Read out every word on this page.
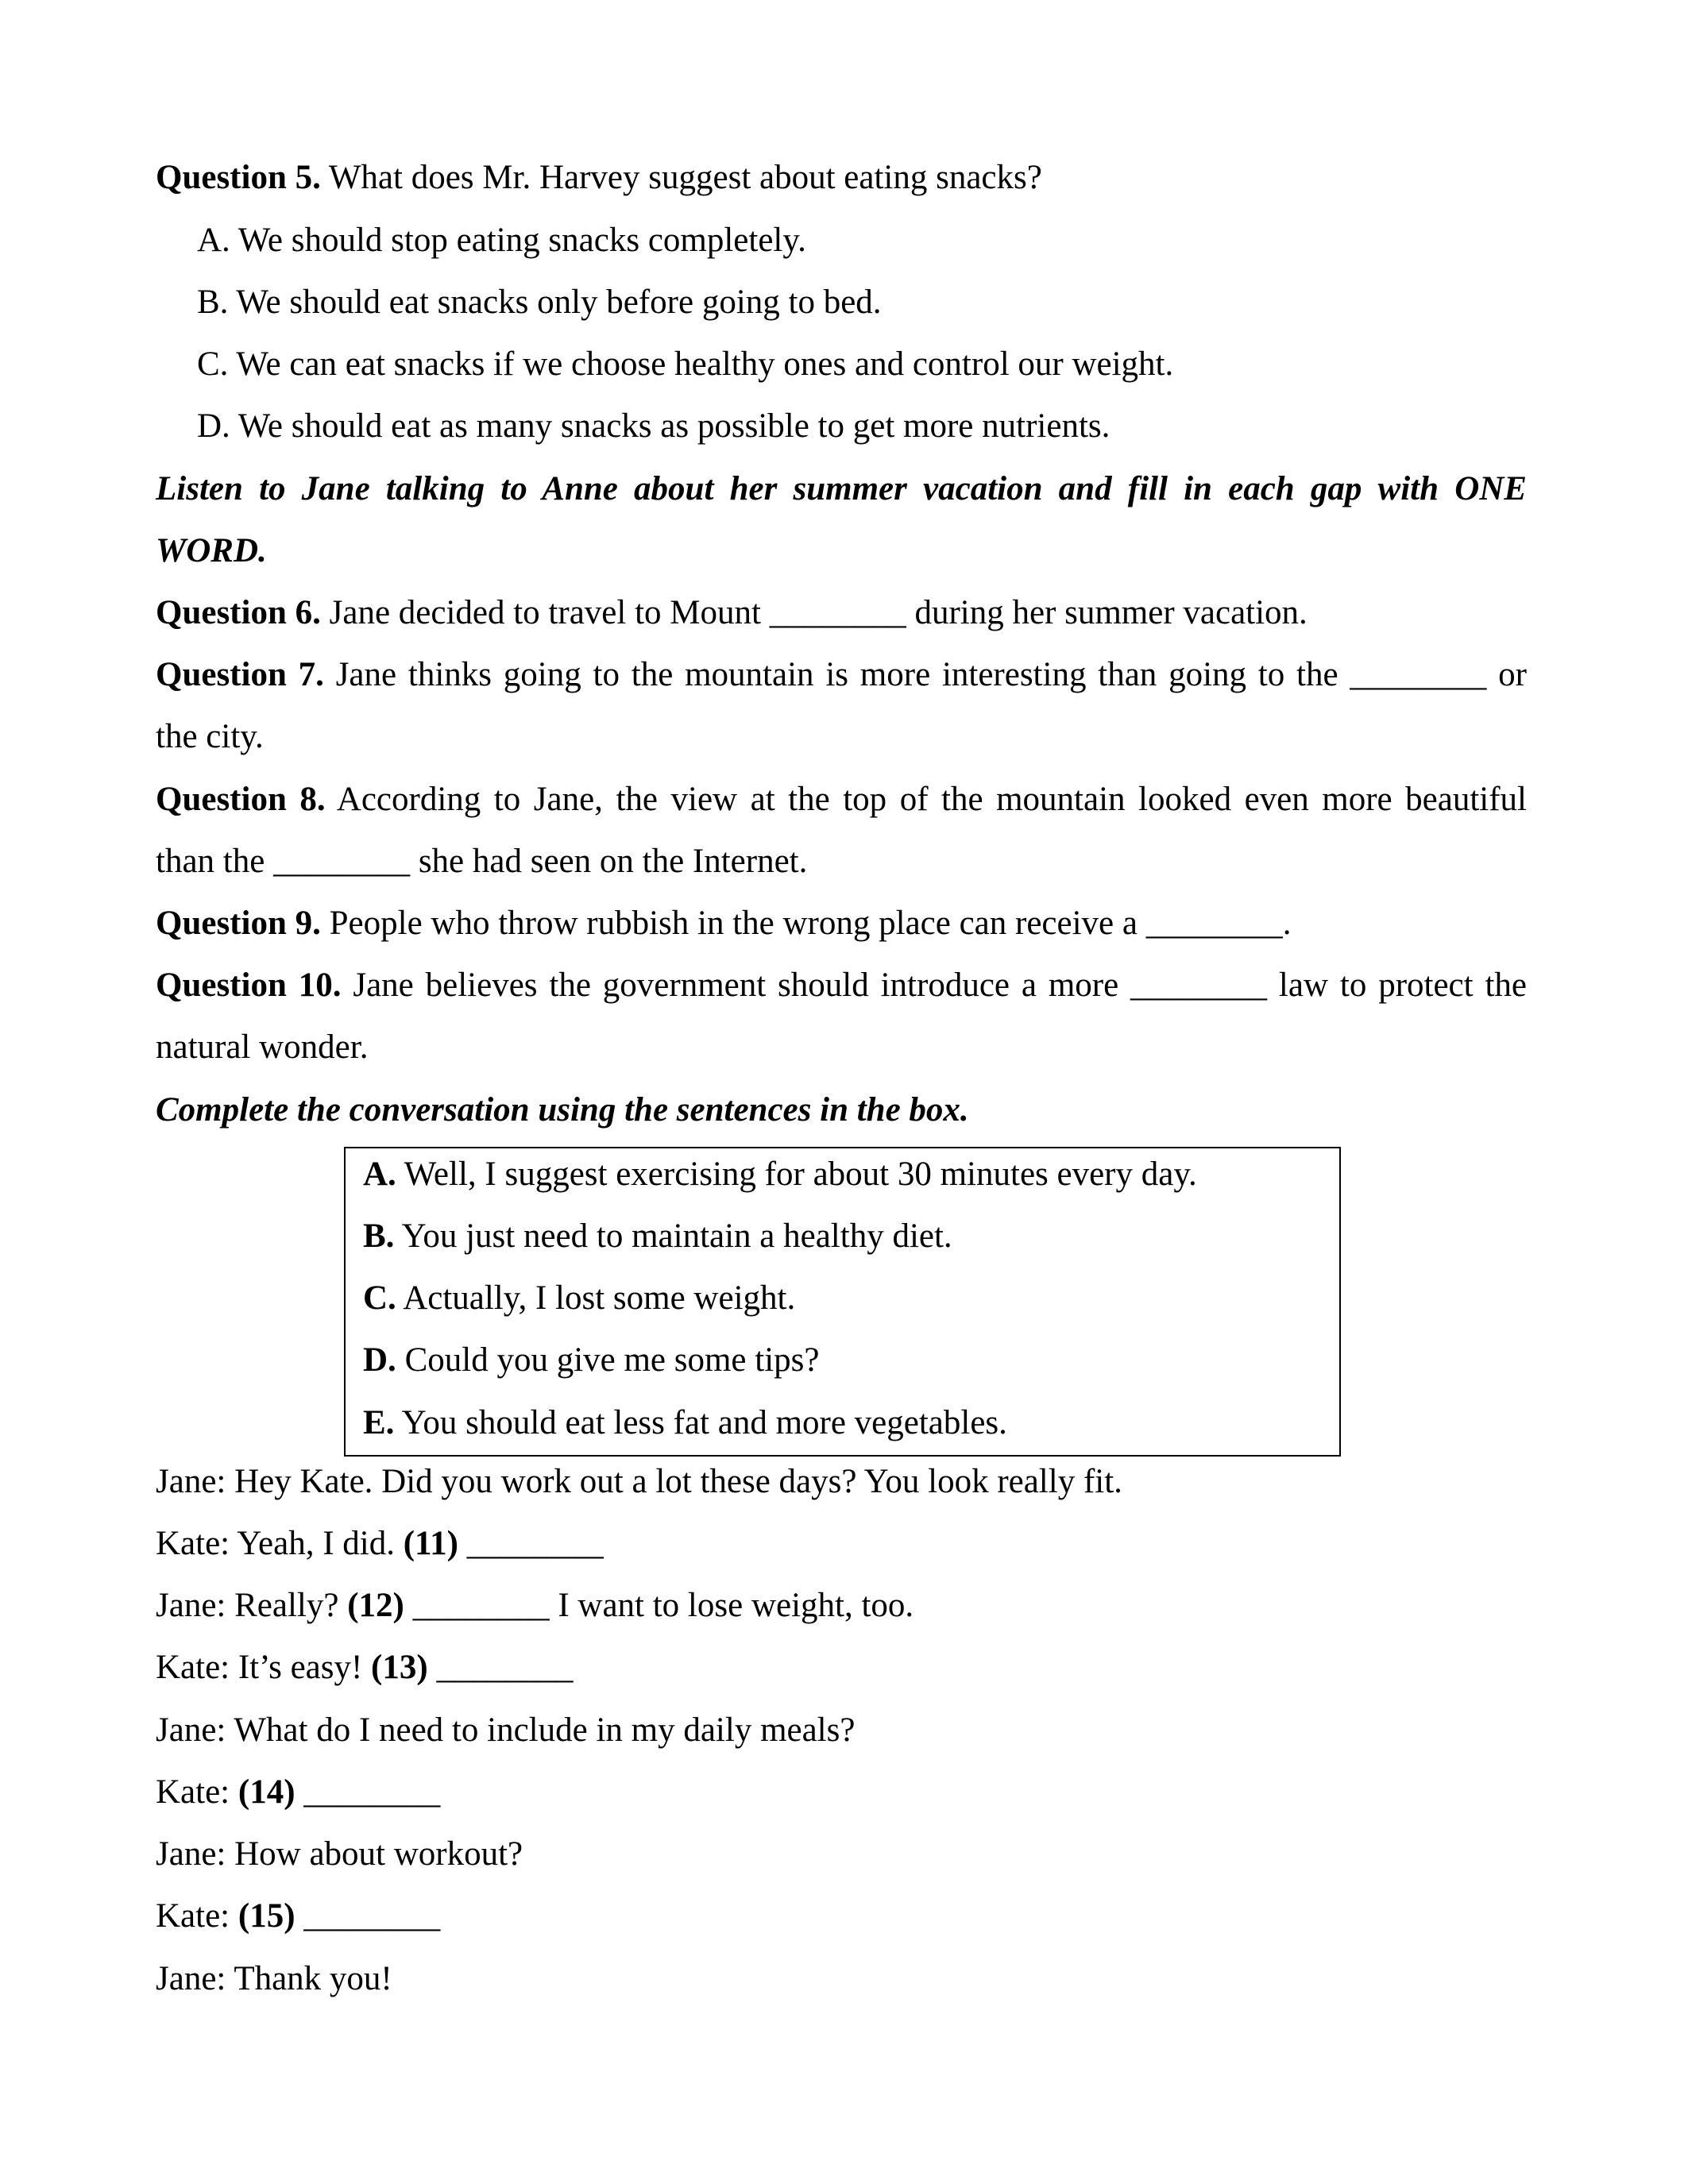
Question 5. What does Mr. Harvey suggest about eating snacks?
A. We should stop eating snacks completely.
B. We should eat snacks only before going to bed.
C. We can eat snacks if we choose healthy ones and control our weight.
D. We should eat as many snacks as possible to get more nutrients.
Listen to Jane talking to Anne about her summer vacation and fill in each gap with ONE
WORD.
Question 6. Jane decided to travel to Mount ________ during her summer vacation.
Question 7. Jane thinks going to the mountain is more interesting than going to the ________ or
the city.
Question 8. According to Jane, the view at the top of the mountain looked even more beautiful
than the ________ she had seen on the Internet.
Question 9. People who throw rubbish in the wrong place can receive a ________.
Question 10. Jane believes the government should introduce a more ________ law to protect the
natural wonder.
Complete the conversation using the sentences in the box.
A. Well, I suggest exercising for about 30 minutes every day.
B. You just need to maintain a healthy diet.
C. Actually, I lost some weight.
D. Could you give me some tips?
E. You should eat less fat and more vegetables.
Jane: Hey Kate. Did you work out a lot these days? You look really fit.
Kate: Yeah, I did. (11) ________
Jane: Really? (12) ________ I want to lose weight, too.
Kate: It’s easy! (13) ________
Jane: What do I need to include in my daily meals?
Kate: (14) ________
Jane: How about workout?
Kate: (15) ________
Jane: Thank you!
